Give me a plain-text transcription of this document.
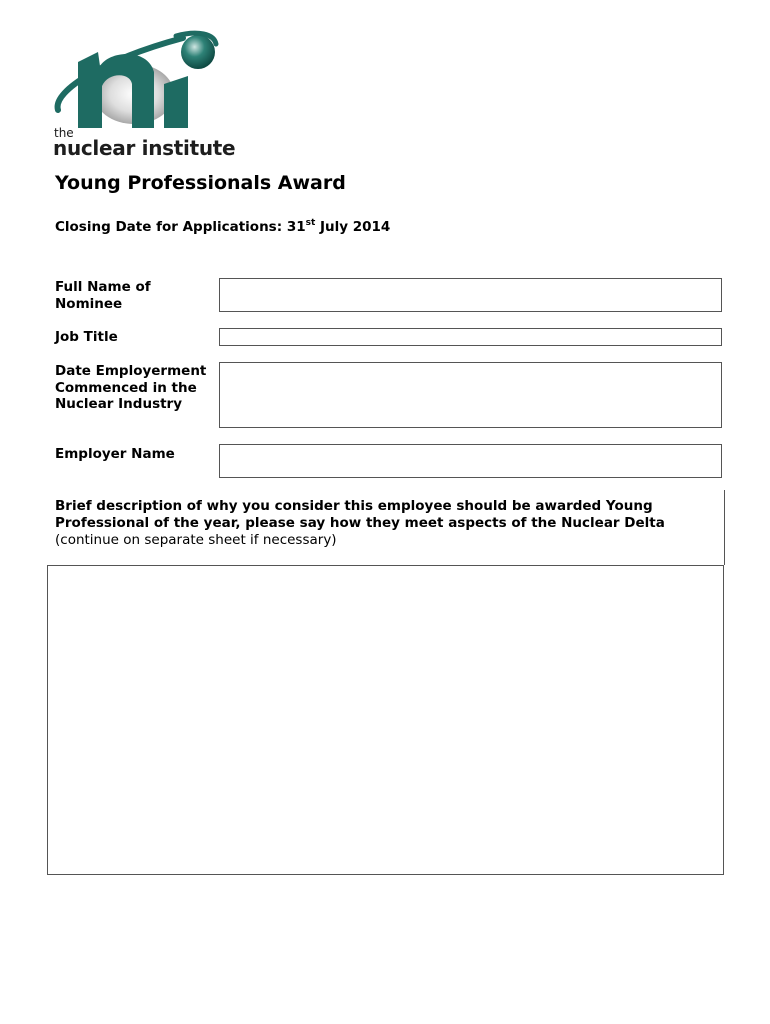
the
nuclear institute
Young Professionals Award
Closing Date for Applications: 31st July 2014
Full Name of Nominee
Job Title
Date Employerment Commenced in the Nuclear Industry
Employer Name
Brief description of why you consider this employee should be awarded Young Professional of the year, please say how they meet aspects of the Nuclear Delta
(continue on separate sheet if necessary)
